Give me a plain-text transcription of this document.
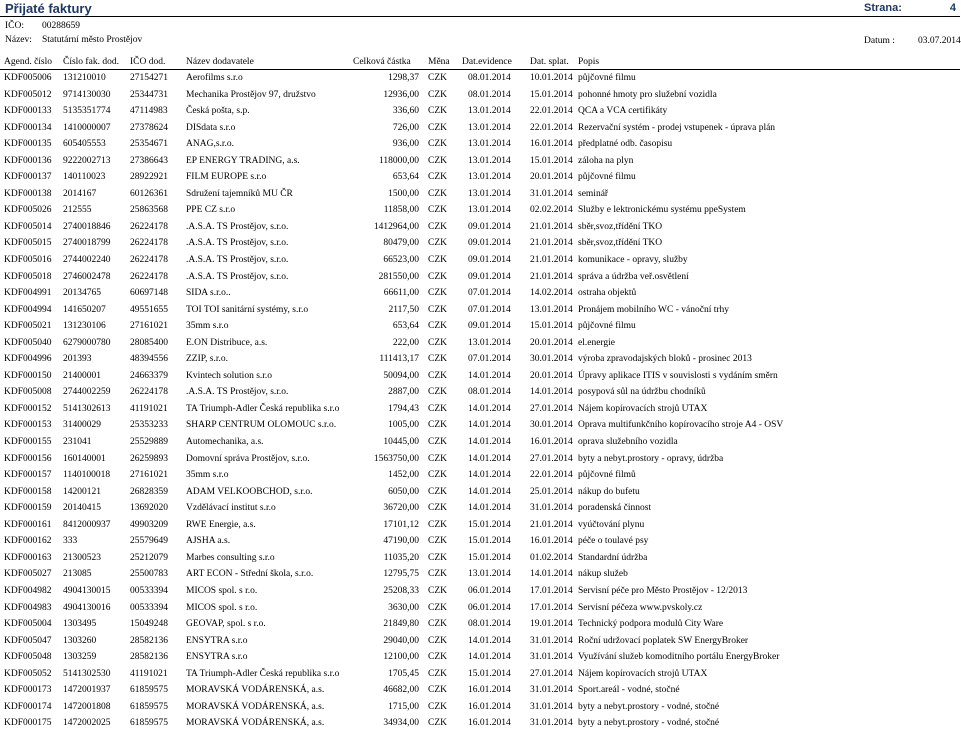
Přijaté faktury	Strana:	4
IČO: 00288659
Název: Statutární město Prostějov	Datum : 03.07.2014
Agend. číslo Číslo fak. dod. IČO dod. Název dodavatele	Celková částka Měna Dat.evidence Dat. splat. Popis
KDF005006 131210010	27154271 Aerofilms s.r.o	1298,37 CZK 08.01.2014 10.01.2014 půjčovné filmu
KDF005012 9714130030 25344731 Mechanika Prostějov 97, družstvo	12936,00 CZK 08.01.2014 15.01.2014 pohonné hmoty pro služební vozidla
KDF000133 5135351774 47114983 Česká pošta, s.p.	336,60 CZK 13.01.2014 22.01.2014 QCA a VCA certifikáty
KDF000134 1410000007 27378624 DISdata s.r.o	726,00 CZK 13.01.2014 22.01.2014 Rezervační systém - prodej vstupenek - úprava plán
KDF000135 605405553	25354671 ANAG,s.r.o.	936,00 CZK 13.01.2014 16.01.2014 předplatné odb. časopisu
KDF000136 9222002713 27386643 EP ENERGY TRADING, a.s.	118000,00 CZK 13.01.2014 15.01.2014 záloha na plyn
KDF000137 140110023	28922921 FILM EUROPE s.r.o	653,64 CZK 13.01.2014 20.01.2014 půjčovné filmu
KDF000138 2014167	60126361 Sdružení tajemníků MU ČR	1500,00 CZK 13.01.2014 31.01.2014 seminář
KDF005026 212555	25863568 PPE CZ s.r.o	11858,00 CZK 13.01.2014 02.02.2014 Služby e lektronickému systému ppeSystem
KDF005014 2740018846 26224178 .A.S.A. TS Prostějov, s.r.o.	1412964,00 CZK 09.01.2014 21.01.2014 sběr,svoz,třídění TKO
KDF005015 2740018799 26224178 .A.S.A. TS Prostějov, s.r.o.	80479,00 CZK 09.01.2014 21.01.2014 sběr,svoz,třídění TKO
KDF005016 2744002240 26224178 .A.S.A. TS Prostějov, s.r.o.	66523,00 CZK 09.01.2014 21.01.2014 komunikace - opravy, služby
KDF005018 2746002478 26224178 .A.S.A. TS Prostějov, s.r.o.	281550,00 CZK 09.01.2014 21.01.2014 správa a údržba veř.osvětlení
KDF004991 20134765	60697148 SIDA s.r.o..	66611,00 CZK 07.01.2014 14.02.2014 ostraha objektů
KDF004994 141650207	49551655 TOI TOI sanitární systémy, s.r.o	2117,50 CZK 07.01.2014 13.01.2014 Pronájem mobilního WC - vánoční trhy
KDF005021 131230106	27161021 35mm s.r.o	653,64 CZK 09.01.2014 15.01.2014 půjčovné filmu
KDF005040 6279000780 28085400 E.ON Distribuce, a.s.	222,00 CZK 13.01.2014 20.01.2014 el.energie
KDF004996 201393	48394556 ZZIP, s.r.o.	111413,17 CZK 07.01.2014 30.01.2014 výroba zpravodajských bloků - prosinec 2013
KDF000150 21400001	24663379 Kvintech solution s.r.o	50094,00 CZK 14.01.2014 20.01.2014 Úpravy aplikace ITIS v souvislosti s vydáním směrn
KDF005008 2744002259 26224178 .A.S.A. TS Prostějov, s.r.o.	2887,00 CZK 08.01.2014 14.01.2014 posypová sůl na údržbu chodníků
KDF000152 5141302613 41191021 TA Triumph-Adler Česká republika s.r.o	1794,43 CZK 14.01.2014 27.01.2014 Nájem kopírovacích strojů UTAX
KDF000153 31400029	25353233 SHARP CENTRUM OLOMOUC s.r.o.	1005,00 CZK 14.01.2014 30.01.2014 Oprava multifunkčního kopírovacího stroje A4 - OSV
KDF000155 231041	25529889 Automechanika, a.s.	10445,00 CZK 14.01.2014 16.01.2014 oprava služebního vozidla
KDF000156 160140001	26259893 Domovní správa Prostějov, s.r.o.	1563750,00 CZK 14.01.2014 27.01.2014 byty a nebyt.prostory - opravy, údržba
KDF000157 1140100018 27161021 35mm s.r.o	1452,00 CZK 14.01.2014 22.01.2014 půjčovné filmů
KDF000158 14200121	26828359 ADAM VELKOOBCHOD, s.r.o.	6050,00 CZK 14.01.2014 25.01.2014 nákup do bufetu
KDF000159 20140415	13692020 Vzdělávací institut s.r.o	36720,00 CZK 14.01.2014 31.01.2014 poradenská činnost
KDF000161 8412000937 49903209 RWE Energie, a.s.	17101,12 CZK 15.01.2014 21.01.2014 vyúčtování plynu
KDF000162 333	25579649 AJSHA a.s.	47190,00 CZK 15.01.2014 16.01.2014 péče o toulavé psy
KDF000163 21300523	25212079 Marbes consulting s.r.o	11035,20 CZK 15.01.2014 01.02.2014 Standardní údržba
KDF005027 213085	25500783 ART ECON - Střední škola, s.r.o.	12795,75 CZK 13.01.2014 14.01.2014 nákup služeb
KDF004982 4904130015 00533394 MICOS spol. s r.o.	25208,33 CZK 06.01.2014 17.01.2014 Servisní péče pro Město Prostějov - 12/2013
KDF004983 4904130016 00533394 MICOS spol. s r.o.	3630,00 CZK 06.01.2014 17.01.2014 Servisní péčeza www.pvskoly.cz
KDF005004 1303495	15049248 GEOVAP, spol. s r.o.	21849,80 CZK 08.01.2014 19.01.2014 Technický podpora modulů City Ware
KDF005047 1303260	28582136 ENSYTRA s.r.o	29040,00 CZK 14.01.2014 31.01.2014 Roční udržovací poplatek SW EnergyBroker
KDF005048 1303259	28582136 ENSYTRA s.r.o	12100,00 CZK 14.01.2014 31.01.2014 Využívání služeb komoditního portálu EnergyBroker
KDF005052 5141302530 41191021 TA Triumph-Adler Česká republika s.r.o	1705,45 CZK 15.01.2014 27.01.2014 Nájem kopírovacích strojů UTAX
KDF000173 1472001937 61859575 MORAVSKÁ VODÁRENSKÁ, a.s.	46682,00 CZK 16.01.2014 31.01.2014 Sport.areál - vodné, stočné
KDF000174 1472001808 61859575 MORAVSKÁ VODÁRENSKÁ, a.s.	1715,00 CZK 16.01.2014 31.01.2014 byty a nebyt.prostory - vodné, stočné
KDF000175 1472002025 61859575 MORAVSKÁ VODÁRENSKÁ, a.s.	34934,00 CZK 16.01.2014 31.01.2014 byty a nebyt.prostory - vodné, stočné
